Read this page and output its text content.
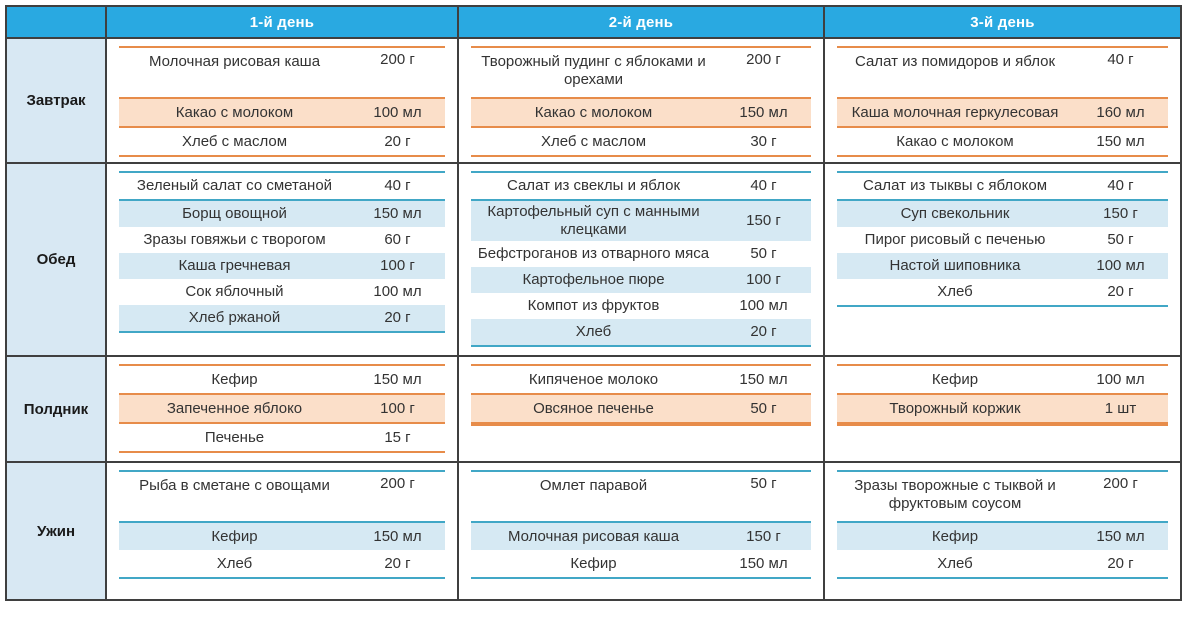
	1-й день	2-й день	3-й день
Завтрак	
Молочная рисовая каша	200 г
Какао с молоком	100 мл
Хлеб с маслом	20 г

Творожный пудинг с яблоками и орехами
200 г
Какао с молоком	150 мл
Хлеб с маслом	30 г

Салат из помидоров и яблок	40 г
Каша молочная геркулесовая	160 мл
Какао с молоком	150 мл

Обед	
Зеленый салат со сметаной	40 г
Борщ овощной	150 мл
Зразы говяжьи с творогом	60 г
Каша гречневая	100 г
Сок яблочный	100 мл
Хлеб ржаной	20 г

Салат из свеклы и яблок	40 г
Картофельный суп с манными клецками
150 г
Бефстроганов из отварного мяса	50 г
Картофельное пюре	100 г
Компот из фруктов	100 мл
Хлеб	20 г

Салат из тыквы с яблоком	40 г
Суп свекольник	150 г
Пирог рисовый с печенью	50 г
Настой шиповника	100 мл
Хлеб	20 г

Полдник	
Кефир	150 мл
Запеченное яблоко	100 г
Печенье	15 г

Кипяченое молоко	150 мл
Овсяное печенье	50 г

Кефир	100 мл
Творожный коржик	1 шт

Ужин	
Рыба в сметане с овощами	200 г
Кефир	150 мл
Хлеб	20 г

Омлет паравой	50 г
Молочная рисовая каша	150 г
Кефир	150 мл

Зразы творожные с тыквой и фруктовым соусом
200 г
Кефир	150 мл
Хлеб	20 г
